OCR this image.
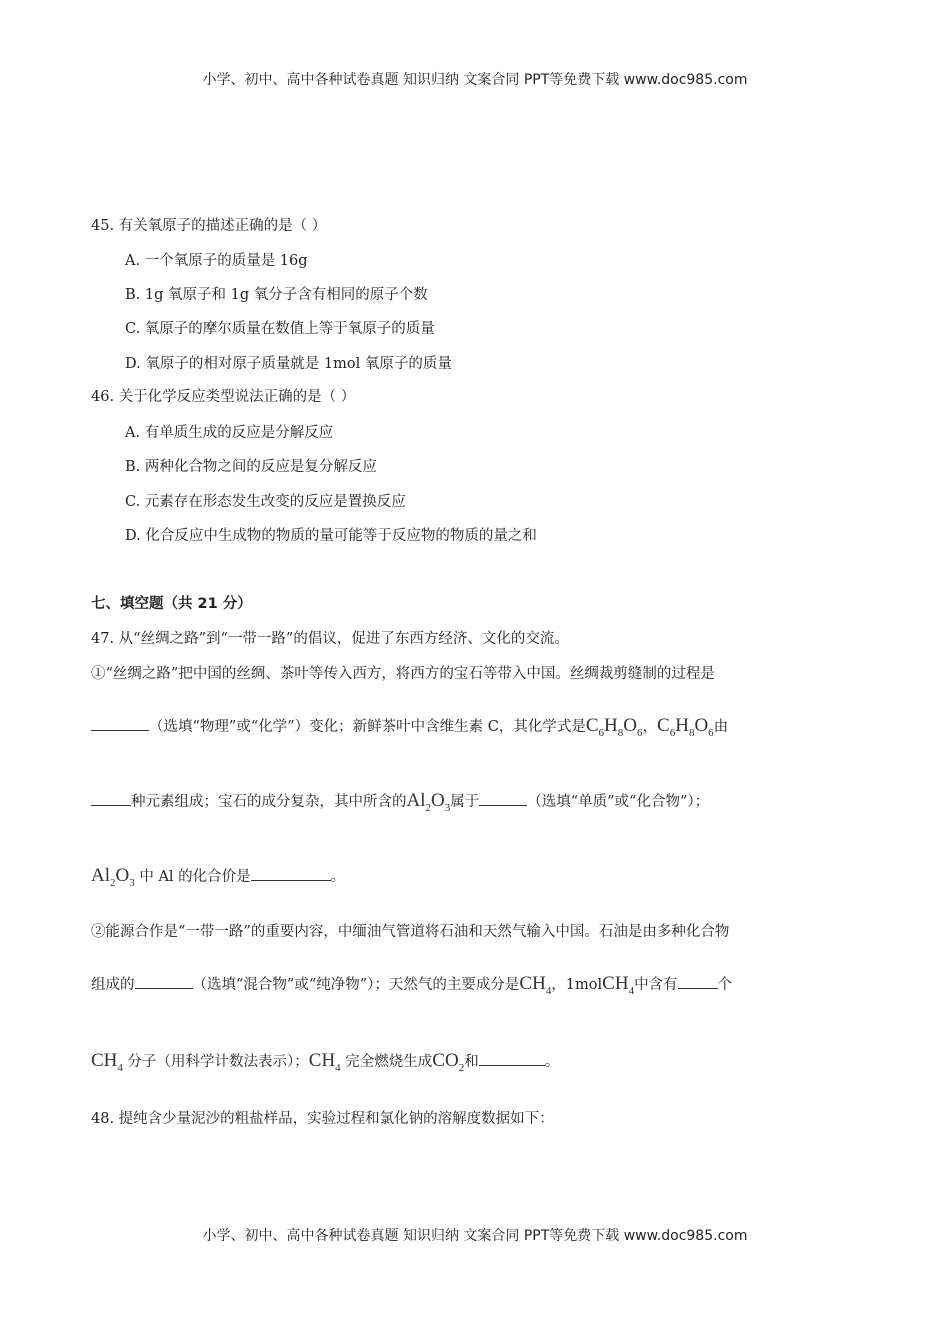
小学、初中、高中各种试卷真题 知识归纳 文案合同 PPT等免费下载 www.doc985.com
45. 有关氧原子的描述正确的是（ ）
A. 一个氧原子的质量是 16g
B. 1g 氧原子和 1g 氧分子含有相同的原子个数
C. 氧原子的摩尔质量在数值上等于氧原子的质量
D. 氧原子的相对原子质量就是 1mol 氧原子的质量
46. 关于化学反应类型说法正确的是（ ）
A. 有单质生成的反应是分解反应
B. 两种化合物之间的反应是复分解反应
C. 元素存在形态发生改变的反应是置换反应
D. 化合反应中生成物的物质的量可能等于反应物的物质的量之和
七、填空题（共 21 分）
47. 从“丝绸之路”到“一带一路”的倡议，促进了东西方经济、文化的交流。
①“丝绸之路”把中国的丝绸、茶叶等传入西方，将西方的宝石等带入中国。丝绸裁剪缝制的过程是
（选填“物理”或“化学”）变化；新鲜茶叶中含维生素 C，其化学式是$C_6H_8O_6$，$C_6H_8O_6$由
种元素组成；宝石的成分复杂，其中所含的$Al_2O_3$属于	（选填“单质”或“化合物”）；
$Al_2O_3$ 中 Al 的化合价是	。
②能源合作是“一带一路”的重要内容，中缅油气管道将石油和天然气输入中国。石油是由多种化合物
组成的	（选填“混合物”或“纯净物”）；天然气的主要成分是$CH_4$，1molCH$_4$中含有	个
$CH_4$ 分子（用科学计数法表示）；$CH_4$ 完全燃烧生成$CO_2$和	。
48. 提纯含少量泥沙的粗盐样品，实验过程和氯化钠的溶解度数据如下：
小学、初中、高中各种试卷真题 知识归纳 文案合同 PPT等免费下载 www.doc985.com
